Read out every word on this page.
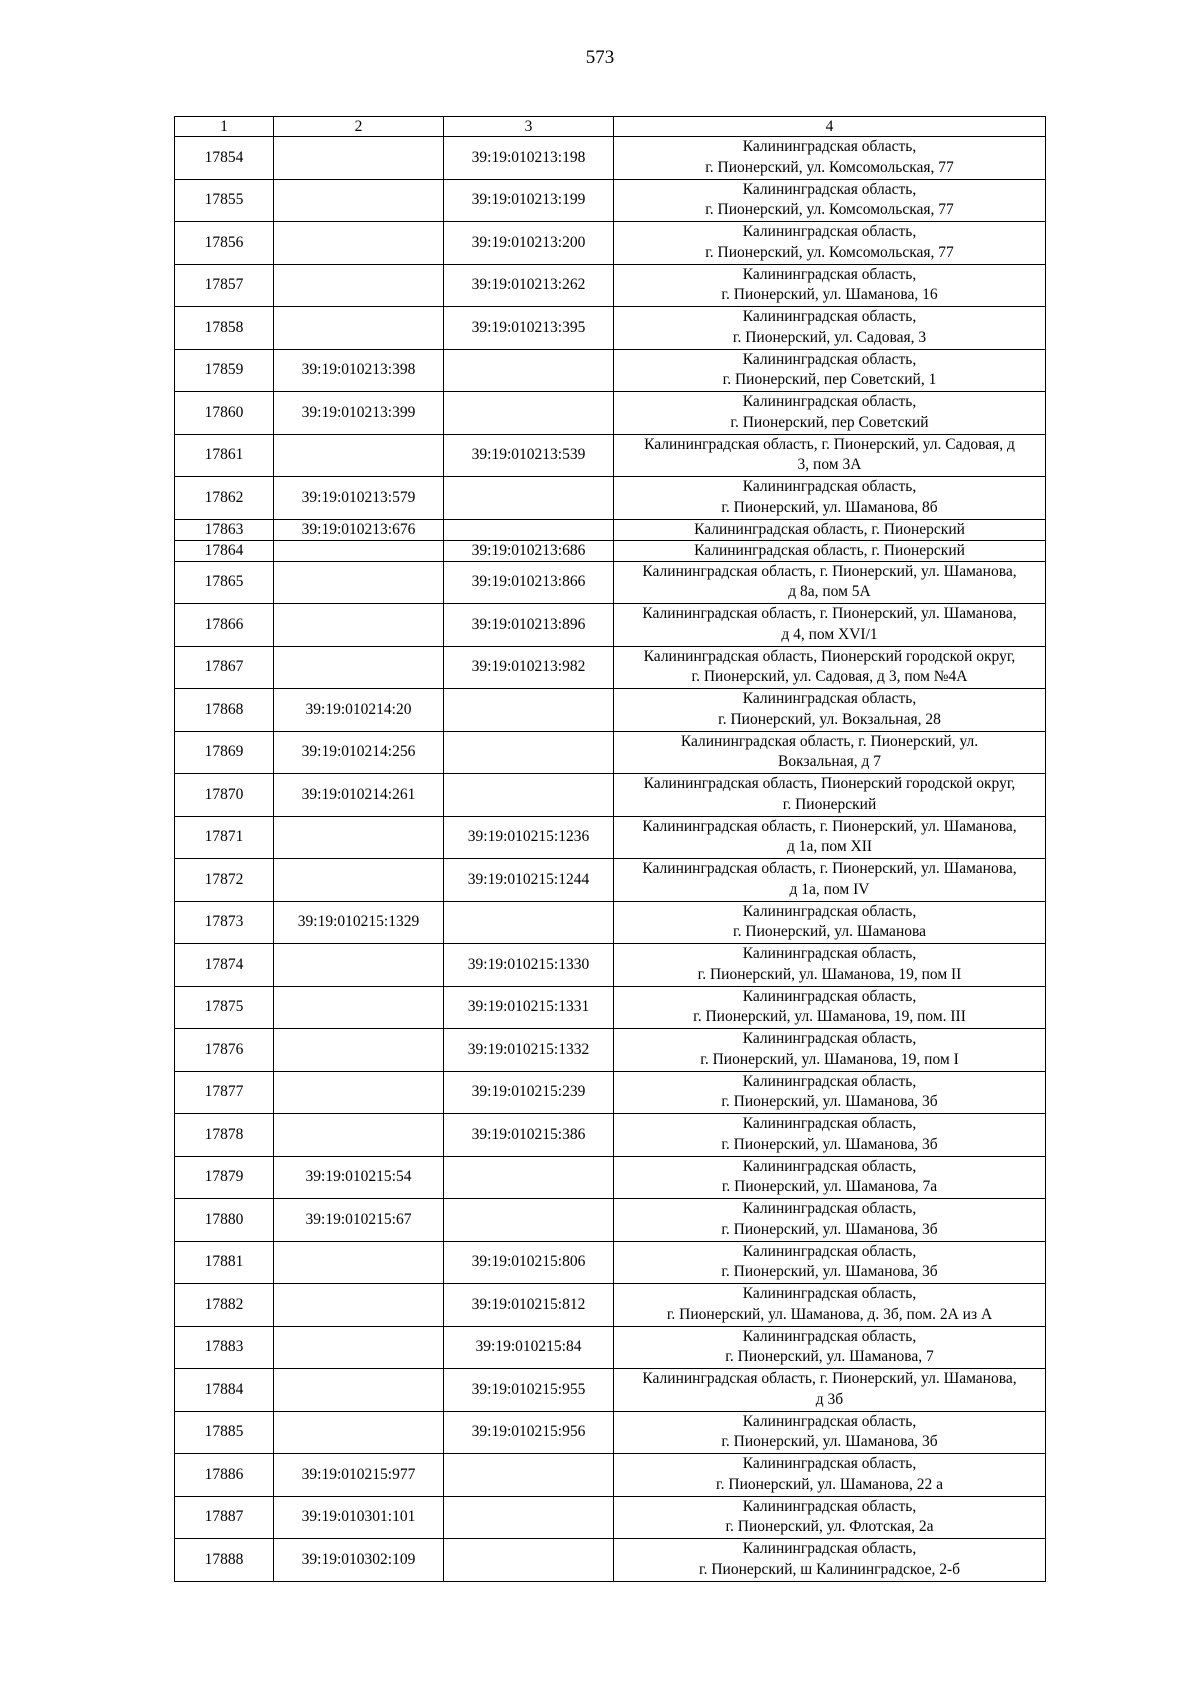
573
1	2	3	4
17854		39:19:010213:198	Калининградская область,
г. Пионерский, ул. Комсомольская, 77
17855		39:19:010213:199	Калининградская область,
г. Пионерский, ул. Комсомольская, 77
17856		39:19:010213:200	Калининградская область,
г. Пионерский, ул. Комсомольская, 77
17857		39:19:010213:262	Калининградская область,
г. Пионерский, ул. Шаманова, 16
17858		39:19:010213:395	Калининградская область,
г. Пионерский, ул. Садовая, 3
17859	39:19:010213:398		Калининградская область,
г. Пионерский, пер Советский, 1
17860	39:19:010213:399		Калининградская область,
г. Пионерский, пер Советский
17861		39:19:010213:539	Калининградская область, г. Пионерский, ул. Садовая, д
3, пом 3А
17862	39:19:010213:579		Калининградская область,
г. Пионерский, ул. Шаманова, 8б
17863	39:19:010213:676		Калининградская область, г. Пионерский
17864		39:19:010213:686	Калининградская область, г. Пионерский
17865		39:19:010213:866	Калининградская область, г. Пионерский, ул. Шаманова,
д 8а, пом 5А
17866		39:19:010213:896	Калининградская область, г. Пионерский, ул. Шаманова,
д 4, пом XVI/1
17867		39:19:010213:982	Калининградская область, Пионерский городской округ,
г. Пионерский, ул. Садовая, д 3, пом №4А
17868	39:19:010214:20		Калининградская область,
г. Пионерский, ул. Вокзальная, 28
17869	39:19:010214:256		Калининградская область, г. Пионерский, ул.
Вокзальная, д 7
17870	39:19:010214:261		Калининградская область, Пионерский городской округ,
г. Пионерский
17871		39:19:010215:1236	Калининградская область, г. Пионерский, ул. Шаманова,
д 1а, пом XII
17872		39:19:010215:1244	Калининградская область, г. Пионерский, ул. Шаманова,
д 1а, пом IV
17873	39:19:010215:1329		Калининградская область,
г. Пионерский, ул. Шаманова
17874		39:19:010215:1330	Калининградская область,
г. Пионерский, ул. Шаманова, 19, пом II
17875		39:19:010215:1331	Калининградская область,
г. Пионерский, ул. Шаманова, 19, пом. III
17876		39:19:010215:1332	Калининградская область,
г. Пионерский, ул. Шаманова, 19, пом I
17877		39:19:010215:239	Калининградская область,
г. Пионерский, ул. Шаманова, 3б
17878		39:19:010215:386	Калининградская область,
г. Пионерский, ул. Шаманова, 3б
17879	39:19:010215:54		Калининградская область,
г. Пионерский, ул. Шаманова, 7а
17880	39:19:010215:67		Калининградская область,
г. Пионерский, ул. Шаманова, 3б
17881		39:19:010215:806	Калининградская область,
г. Пионерский, ул. Шаманова, 3б
17882		39:19:010215:812	Калининградская область,
г. Пионерский, ул. Шаманова, д. 3б, пом. 2А из А
17883		39:19:010215:84	Калининградская область,
г. Пионерский, ул. Шаманова, 7
17884		39:19:010215:955	Калининградская область, г. Пионерский, ул. Шаманова,
д 3б
17885		39:19:010215:956	Калининградская область,
г. Пионерский, ул. Шаманова, 3б
17886	39:19:010215:977		Калининградская область,
г. Пионерский, ул. Шаманова, 22 а
17887	39:19:010301:101		Калининградская область,
г. Пионерский, ул. Флотская, 2а
17888	39:19:010302:109		Калининградская область,
г. Пионерский, ш Калининградское, 2-б
